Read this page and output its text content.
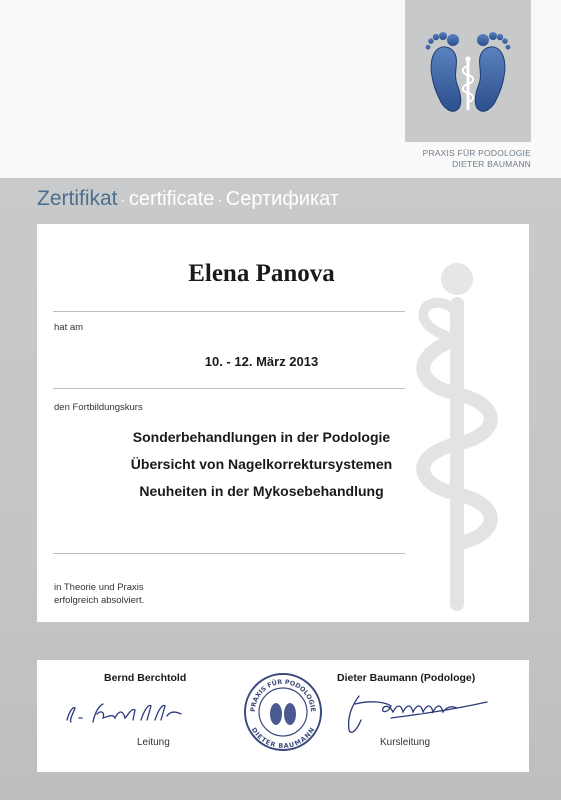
PRAXIS FÜR PODOLOGIE
DIETER BAUMANN
Zertifikat · certificate · Сертификат
Elena Panova
hat am
10. - 12. März 2013
den Fortbildungskurs
Sonderbehandlungen in der Podologie
Übersicht von Nagelkorrektursystemen
Neuheiten in der Mykosebehandlung
in Theorie und Praxis
erfolgreich absolviert.
Bernd Berchtold
Leitung
PRAXIS FÜR PODOLOGIE
DIETER BAUMANN
Dieter Baumann (Podologe)
Kursleitung
